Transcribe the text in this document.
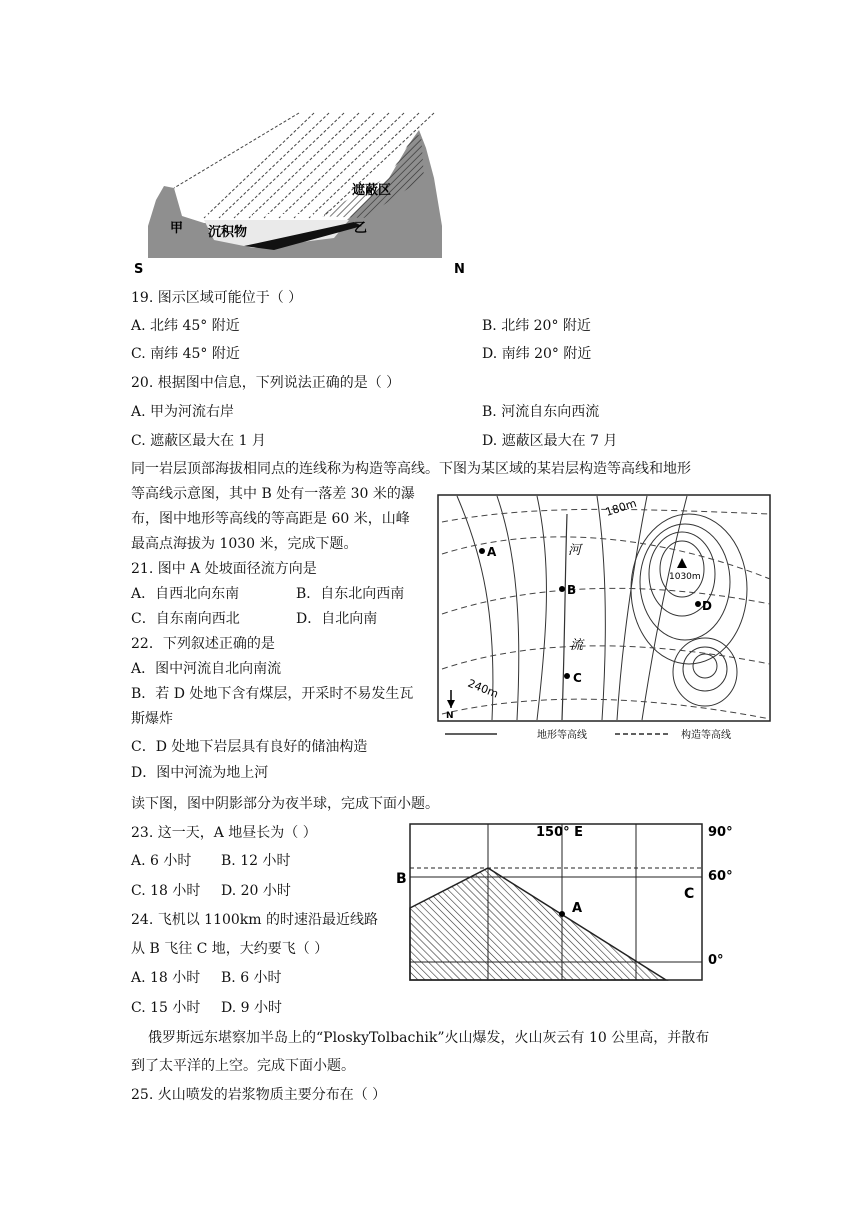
甲 沉积物	乙
遮蔽区
S	N
19. 图示区域可能位于（ ）
A. 北纬 45° 附近	B. 北纬 20° 附近
C. 南纬 45° 附近	D. 南纬 20° 附近
20. 根据图中信息，下列说法正确的是（ ）
A. 甲为河流右岸	B. 河流自东向西流
C. 遮蔽区最大在 1 月	D. 遮蔽区最大在 7 月
同一岩层顶部海拔相同点的连线称为构造等高线。下图为某区域的某岩层构造等高线和地形
等高线示意图，其中 B 处有一落差 30 米的瀑
布，图中地形等高线的等高距是 60 米，山峰
最高点海拔为 1030 米，完成下题。
21. 图中 A 处坡面径流方向是
A．自西北向东南	B．自东北向西南
C．自东南向西北	D．自北向南
22．下列叙述正确的是
A．图中河流自北向南流
B．若 D 处地下含有煤层，开采时不易发生瓦
斯爆炸
C．D 处地下岩层具有良好的储油构造
D．图中河流为地上河
A
B
C
D
河
流
1030m
180m
240m
N
地形等高线	构造等高线
读下图，图中阴影部分为夜半球，完成下面小题。
23. 这一天，A 地昼长为（ ）
A. 6 小时 B. 12 小时
C. 18 小时 D. 20 小时
24. 飞机以 1100km 的时速沿最近线路
从 B 飞往 C 地，大约要飞（ ）
A. 18 小时 B. 6 小时
C. 15 小时 D. 9 小时
150° E	90°
60°
0°
B
A
C
俄罗斯远东堪察加半岛上的“PloskyTolbachik”火山爆发，火山灰云有 10 公里高，并散布
到了太平洋的上空。完成下面小题。
25. 火山喷发的岩浆物质主要分布在（ ）
